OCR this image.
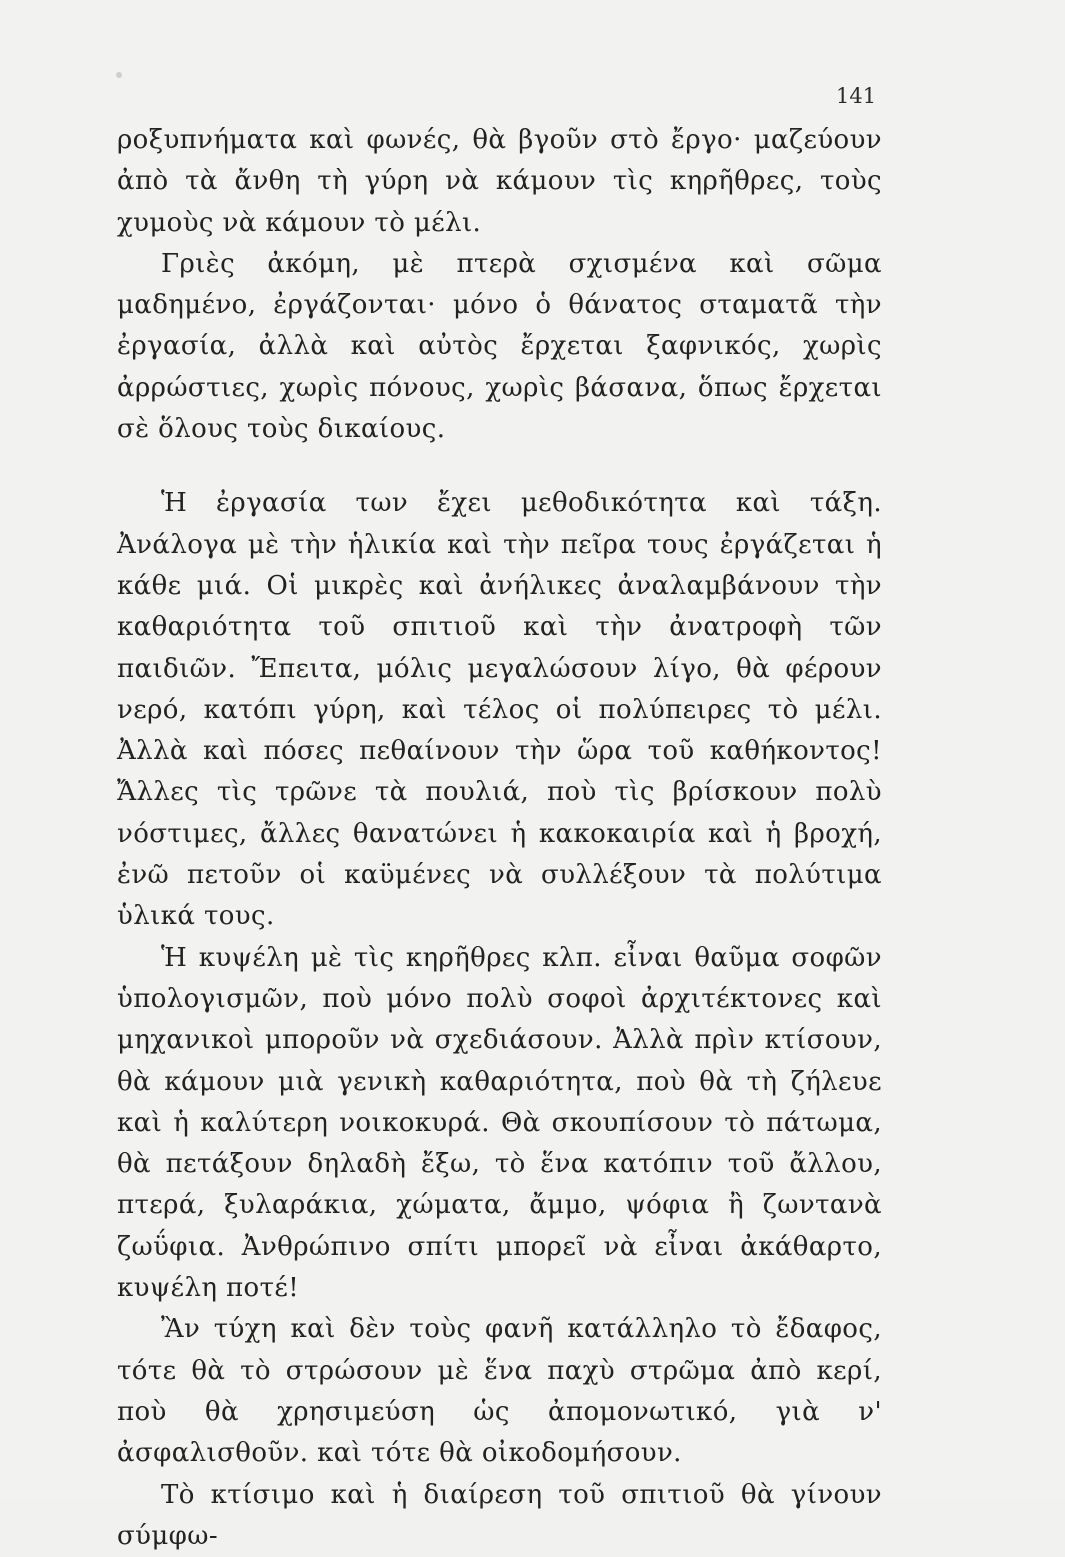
141

ροξυπνήματα καὶ φωνές, θὰ βγοῦν στὸ ἔργο· μαζεύουν ἀπὸ τὰ ἄνθη τὴ γύρη νὰ κάμουν τὶς κηρῆθρες, τοὺς χυμοὺς νὰ κάμουν τὸ μέλι.

Γριὲς ἀκόμη, μὲ πτερὰ σχισμένα καὶ σῶμα μαδημένο, ἐργάζονται· μόνο ὁ θάνατος σταματᾶ τὴν ἐργασία, ἀλλὰ καὶ αὐτὸς ἔρχεται ξαφνικός, χωρὶς ἀρρώστιες, χωρὶς πόνους, χωρὶς βάσανα, ὅπως ἔρχεται σὲ ὅλους τοὺς δικαίους.

Ἡ ἐργασία των ἔχει μεθοδικότητα καὶ τάξη. Ἀνάλογα μὲ τὴν ἡλικία καὶ τὴν πεῖρα τους ἐργάζεται ἡ κάθε μιά. Οἱ μικρὲς καὶ ἀνήλικες ἀναλαμβάνουν τὴν καθαριότητα τοῦ σπιτιοῦ καὶ τὴν ἀνατροφὴ τῶν παιδιῶν. Ἔπειτα, μόλις μεγαλώσουν λίγο, θὰ φέρουν νερό, κατόπι γύρη, καὶ τέλος οἱ πολύπειρες τὸ μέλι. Ἀλλὰ καὶ πόσες πεθαίνουν τὴν ὥρα τοῦ καθήκοντος! Ἄλλες τὶς τρῶνε τὰ πουλιά, ποὺ τὶς βρίσκουν πολὺ νόστιμες, ἄλλες θανατώνει ἡ κακοκαιρία καὶ ἡ βροχή, ἐνῶ πετοῦν οἱ καϋμένες νὰ συλλέξουν τὰ πολύτιμα ὑλικά τους.

Ἡ κυψέλη μὲ τὶς κηρῆθρες κλπ. εἶναι θαῦμα σοφῶν ὑπολογισμῶν, ποὺ μόνο πολὺ σοφοὶ ἀρχιτέκτονες καὶ μηχανικοὶ μποροῦν νὰ σχεδιάσουν. Ἀλλὰ πρὶν κτίσουν, θὰ κάμουν μιὰ γενικὴ καθαριότητα, ποὺ θὰ τὴ ζήλευε καὶ ἡ καλύτερη νοικοκυρά. Θὰ σκουπίσουν τὸ πάτωμα, θὰ πετάξουν δηλαδὴ ἔξω, τὸ ἕνα κατόπιν τοῦ ἄλλου, πτερά, ξυλαράκια, χώματα, ἄμμο, ψόφια ἢ ζωντανὰ ζωΰφια. Ἀνθρώπινο σπίτι μπορεῖ νὰ εἶναι ἀκάθαρτο, κυψέλη ποτέ!

Ἂν τύχη καὶ δὲν τοὺς φανῆ κατάλληλο τὸ ἔδαφος, τότε θὰ τὸ στρώσουν μὲ ἕνα παχὺ στρῶμα ἀπὸ κερί, ποὺ θὰ χρησιμεύση ὡς ἀπομονωτικό, γιὰ ν' ἀσφαλισθοῦν. καὶ τότε θὰ οἰκοδομήσουν.

Τὸ κτίσιμο καὶ ἡ διαίρεση τοῦ σπιτιοῦ θὰ γίνουν σύμφω-
